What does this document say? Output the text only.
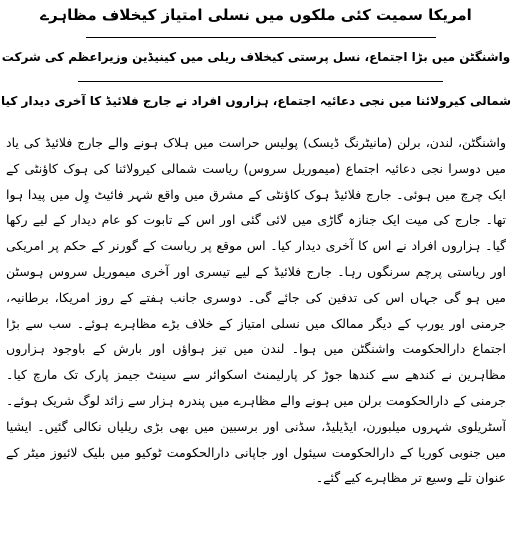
امریکا سمیت کئی ملکوں میں نسلی امتیاز کیخلاف مظاہرے
واشنگٹن میں بڑا اجتماع، نسل پرستی کیخلاف ریلی میں کینیڈین وزیراعظم کی شرکت
شمالی کیرولائنا میں نجی دعائیہ اجتماع، ہزاروں افراد نے جارج فلائیڈ کا آخری دیدار کیا
واشنگٹن، لندن، برلن (مانیٹرنگ ڈیسک) پولیس حراست میں ہلاک ہونے والے جارج فلائیڈ کی یاد میں دوسرا نجی دعائیہ اجتماع (میموریل سروس) ریاست شمالی کیرولائنا کی ہوک کاؤنٹی کے ایک چرچ میں ہوئی۔ جارج فلائیڈ ہوک کاؤنٹی کے مشرق میں واقع شہر فائیٹ وِل میں پیدا ہوا تھا۔ جارج کی میت ایک جنازہ گاڑی میں لائی گئی اور اس کے تابوت کو عام دیدار کے لیے رکھا گیا۔ ہزاروں افراد نے اس کا آخری دیدار کیا۔ اس موقع پر ریاست کے گورنر کے حکم پر امریکی اور ریاستی پرچم سرنگوں رہا۔ جارج فلائیڈ کے لیے تیسری اور آخری میموریل سروس ہوسٹن میں ہو گی جہاں اس کی تدفین کی جائے گی۔ دوسری جانب ہفتے کے روز امریکا، برطانیہ، جرمنی اور یورپ کے دیگر ممالک میں نسلی امتیاز کے خلاف بڑے مظاہرے ہوئے۔ سب سے بڑا اجتماع دارالحکومت واشنگٹن میں ہوا۔ لندن میں تیز ہواؤں اور بارش کے باوجود ہزاروں مظاہرین نے کندھے سے کندھا جوڑ کر پارلیمنٹ اسکوائر سے سینٹ جیمز پارک تک مارچ کیا۔ جرمنی کے دارالحکومت برلن میں ہونے والے مظاہرے میں پندرہ ہزار سے زائد لوگ شریک ہوئے۔ آسٹریلوی شہروں میلبورن، ایڈیلیڈ، سڈنی اور برسبین میں بھی بڑی ریلیاں نکالی گئیں۔ ایشیا میں جنوبی کوریا کے دارالحکومت سیئول اور جاپانی دارالحکومت ٹوکیو میں بلیک لائیوز میٹر کے عنوان تلے وسیع تر مظاہرے کیے گئے۔
